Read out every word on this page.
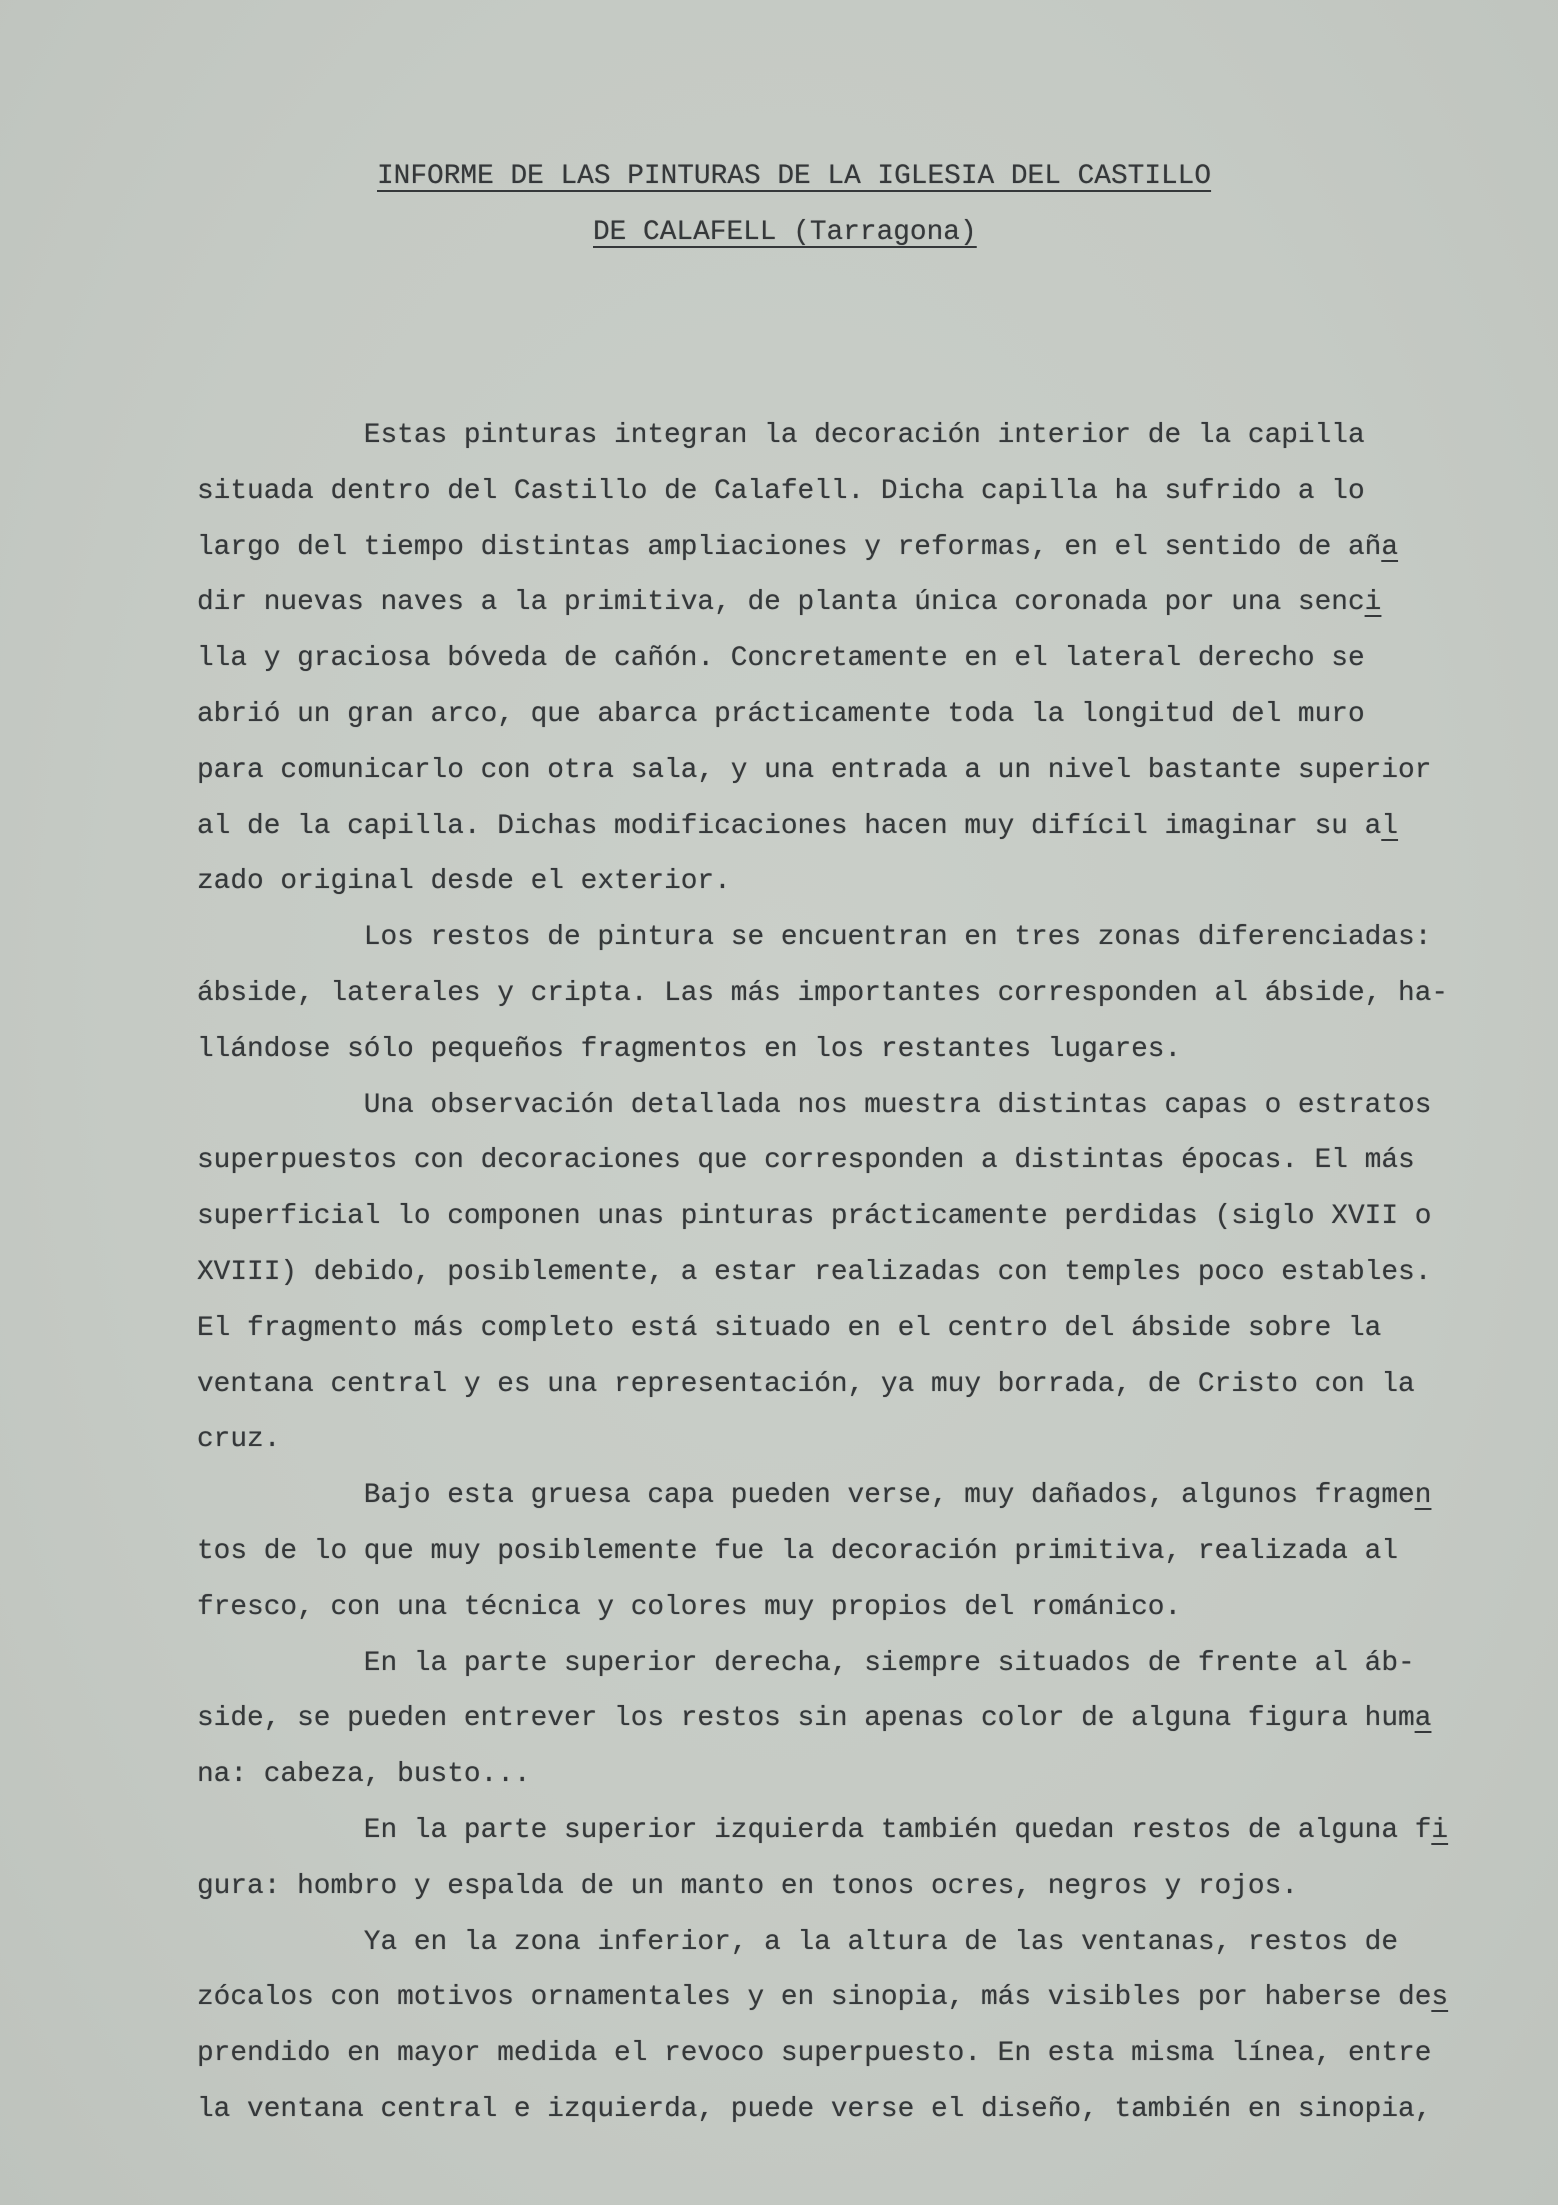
INFORME DE LAS PINTURAS DE LA IGLESIA DEL CASTILLO
DE CALAFELL (Tarragona)
Estas pinturas integran la decoración interior de la capilla
situada dentro del Castillo de Calafell. Dicha capilla ha sufrido a lo
largo del tiempo distintas ampliaciones y reformas, en el sentido de aña
dir nuevas naves a la primitiva, de planta única coronada por una senci
lla y graciosa bóveda de cañón. Concretamente en el lateral derecho se
abrió un gran arco, que abarca prácticamente toda la longitud del muro
para comunicarlo con otra sala, y una entrada a un nivel bastante superior
al de la capilla. Dichas modificaciones hacen muy difícil imaginar su al
zado original desde el exterior.
Los restos de pintura se encuentran en tres zonas diferenciadas:
ábside, laterales y cripta. Las más importantes corresponden al ábside, ha-
llándose sólo pequeños fragmentos en los restantes lugares.
Una observación detallada nos muestra distintas capas o estratos
superpuestos con decoraciones que corresponden a distintas épocas. El más
superficial lo componen unas pinturas prácticamente perdidas (siglo XVII o
XVIII) debido, posiblemente, a estar realizadas con temples poco estables.
El fragmento más completo está situado en el centro del ábside sobre la
ventana central y es una representación, ya muy borrada, de Cristo con la
cruz.
Bajo esta gruesa capa pueden verse, muy dañados, algunos fragmen
tos de lo que muy posiblemente fue la decoración primitiva, realizada al
fresco, con una técnica y colores muy propios del románico.
En la parte superior derecha, siempre situados de frente al áb-
side, se pueden entrever los restos sin apenas color de alguna figura huma
na: cabeza, busto...
En la parte superior izquierda también quedan restos de alguna fi
gura: hombro y espalda de un manto en tonos ocres, negros y rojos.
Ya en la zona inferior, a la altura de las ventanas, restos de
zócalos con motivos ornamentales y en sinopia, más visibles por haberse des
prendido en mayor medida el revoco superpuesto. En esta misma línea, entre
la ventana central e izquierda, puede verse el diseño, también en sinopia,
